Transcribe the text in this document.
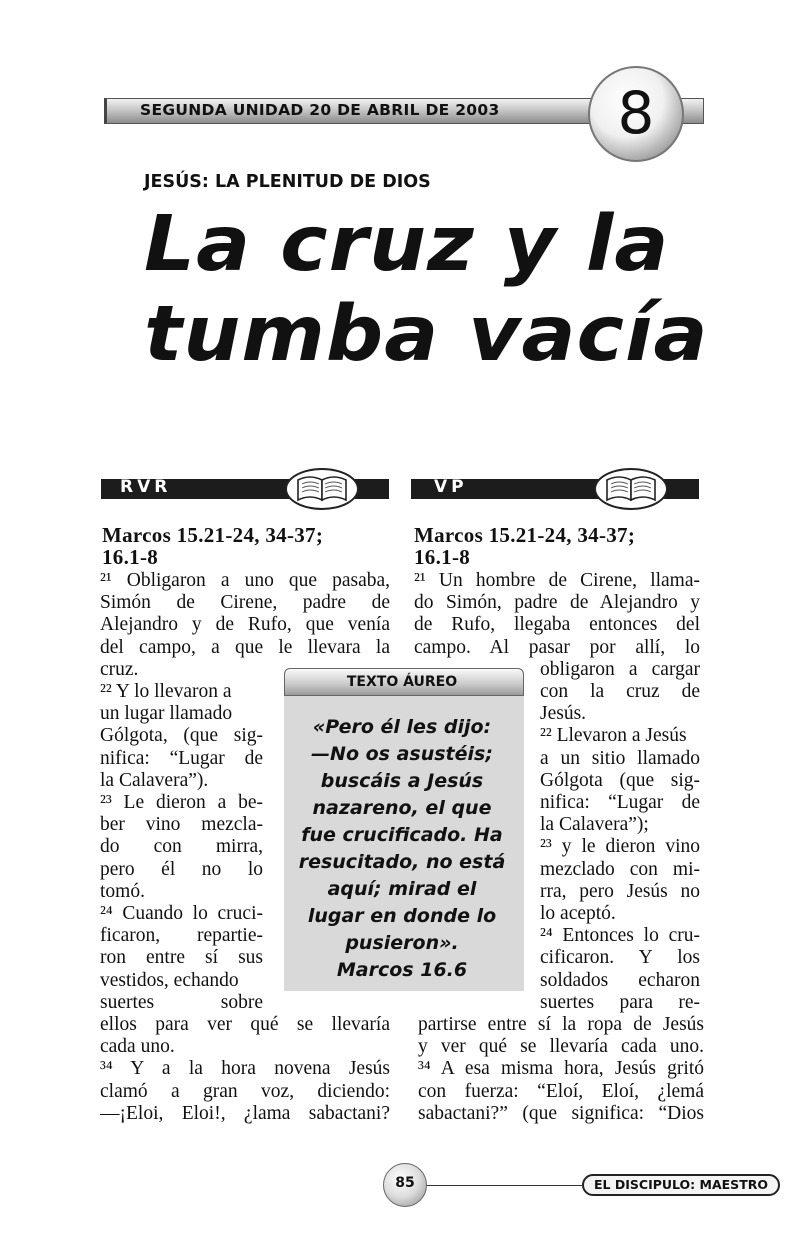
SEGUNDA UNIDAD 20 DE ABRIL DE 2003	8
JESÚS: LA PLENITUD DE DIOS
La cruz y la
tumba vacía
RVR	VP
Marcos 15.21-24, 34-37;
16.1-8
Marcos 15.21-24, 34-37;
16.1-8
²¹ Obligaron a uno que pasaba,
Simón de Cirene, padre de
Alejandro y de Rufo, que venía
del campo, a que le llevara la
cruz.
²² Y lo llevaron a
un lugar llamado
Gólgota, (que sig-
nifica: “Lugar de
la Calavera”).
²³ Le dieron a be-
ber vino mezcla-
do con mirra,
pero él no lo
tomó.
²⁴ Cuando lo cruci-
ficaron, repartie-
ron entre sí sus
vestidos, echando
suertes sobre
ellos para ver qué se llevaría
cada uno.
³⁴ Y a la hora novena Jesús
clamó a gran voz, diciendo:
—¡Eloi, Eloi!, ¿lama sabactani?
²¹ Un hombre de Cirene, llama-
do Simón, padre de Alejandro y
de Rufo, llegaba entonces del
campo. Al pasar por allí, lo
obligaron a cargar
con la cruz de
Jesús.
²² Llevaron a Jesús
a un sitio llamado
Gólgota (que sig-
nifica: “Lugar de
la Calavera”);
²³ y le dieron vino
mezclado con mi-
rra, pero Jesús no
lo aceptó.
²⁴ Entonces lo cru-
cificaron. Y los
soldados echaron
suertes para re-
partirse entre sí la ropa de Jesús
y ver qué se llevaría cada uno.
³⁴ A esa misma hora, Jesús gritó
con fuerza: “Eloí, Eloí, ¿lemá
sabactani?” (que significa: “Dios
TEXTO ÁUREO
«Pero él les dijo:
—No os asustéis;
buscáis a Jesús
nazareno, el que
fue crucificado. Ha
resucitado, no está
aquí; mirad el
lugar en donde lo
pusieron».
Marcos 16.6
85	EL DISCIPULO: MAESTRO
